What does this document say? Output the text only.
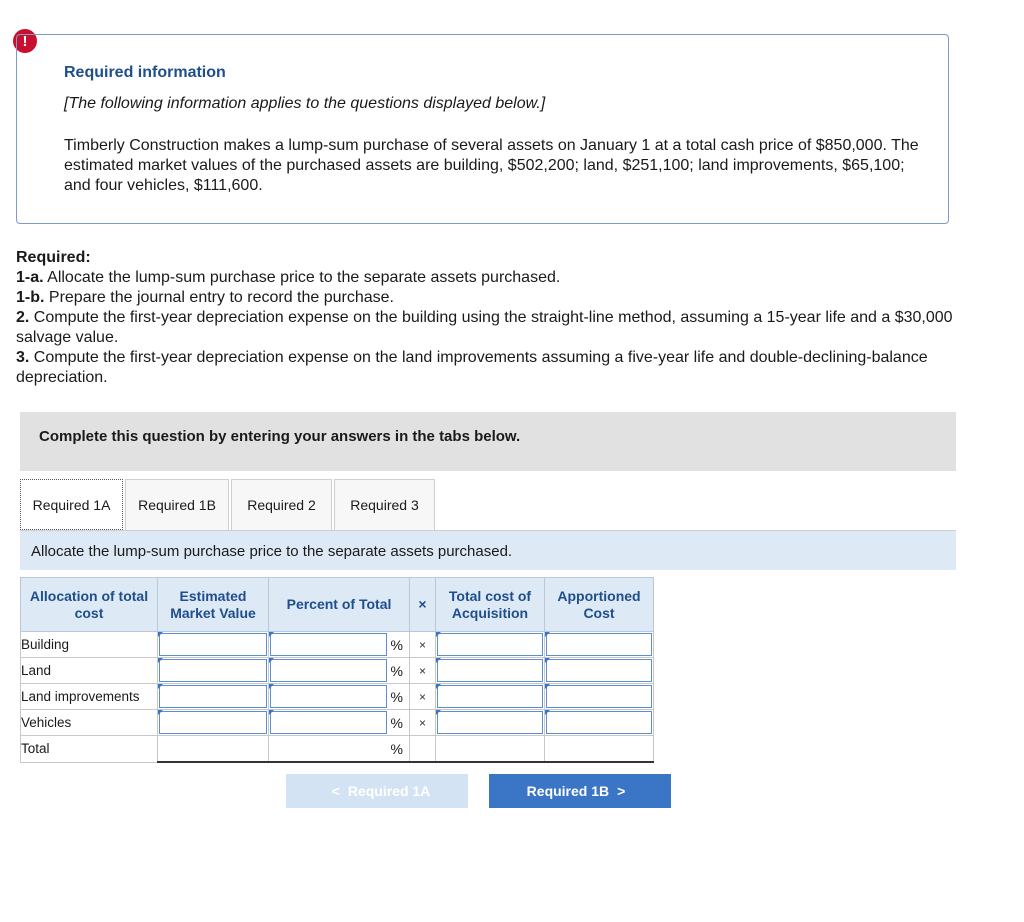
!
Required information
[The following information applies to the questions displayed below.]
Timberly Construction makes a lump-sum purchase of several assets on January 1 at a total cash price of $850,000. The estimated market values of the purchased assets are building, $502,200; land, $251,100; land improvements, $65,100; and four vehicles, $111,600.
Required:
1-a. Allocate the lump-sum purchase price to the separate assets purchased.
1-b. Prepare the journal entry to record the purchase.
2. Compute the first-year depreciation expense on the building using the straight-line method, assuming a 15-year life and a $30,000 salvage value.
3. Compute the first-year depreciation expense on the land improvements assuming a five-year life and double-declining-balance depreciation.
Complete this question by entering your answers in the tabs below.
Required 1A	Required 1B	Required 2	Required 3
Allocate the lump-sum purchase price to the separate assets purchased.
Allocation of total cost	Estimated Market Value	Percent of Total	×	Total cost of Acquisition	Apportioned Cost
Building		%	×	

Land		%	×	

Land improvements		%	×	

Vehicles		%	×	

Total		%			

< Required 1A	Required 1B >
